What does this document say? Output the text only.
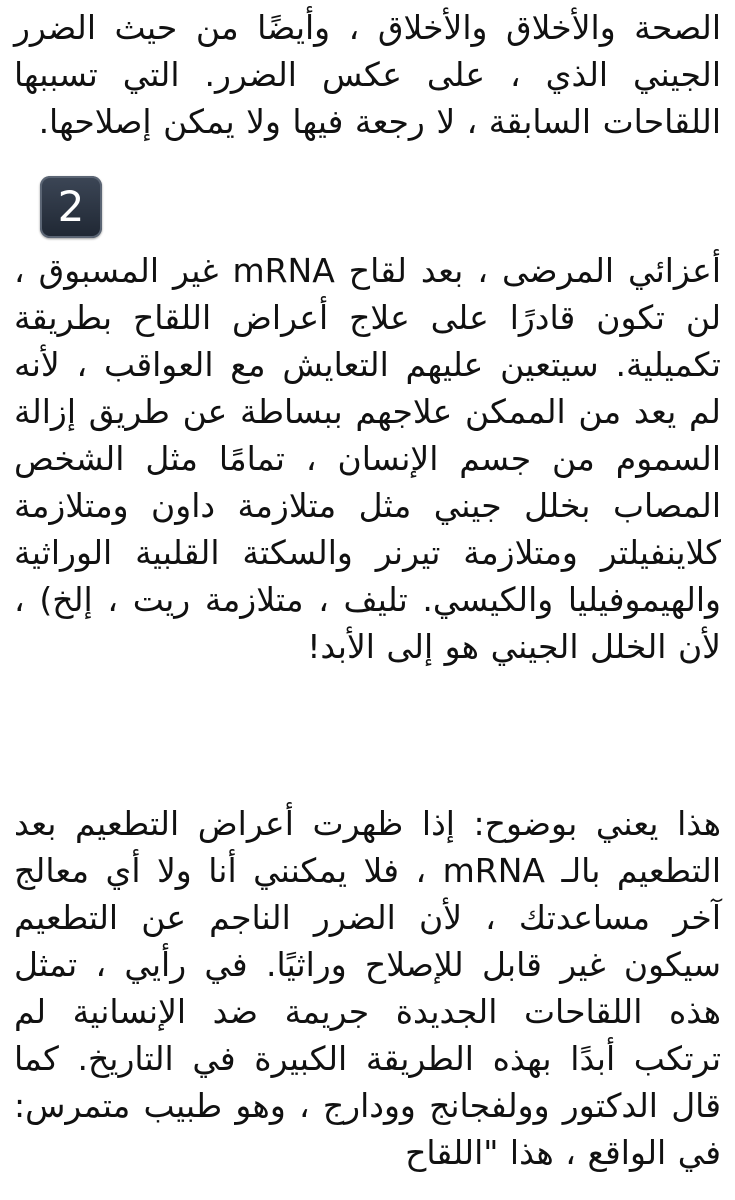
الصحة والأخلاق والأخلاق ، وأيضًا من حيث الضرر الجيني الذي ، على عكس الضرر. التي تسببها اللقاحات السابقة ، لا رجعة فيها ولا يمكن إصلاحها.

2

أعزائي المرضى ، بعد لقاح mRNA غير المسبوق ، لن تكون قادرًا على علاج أعراض اللقاح بطريقة تكميلية. سيتعين عليهم التعايش مع العواقب ، لأنه لم يعد من الممكن علاجهم ببساطة عن طريق إزالة السموم من جسم الإنسان ، تمامًا مثل الشخص المصاب بخلل جيني مثل متلازمة داون ومتلازمة كلاينفيلتر ومتلازمة تيرنر والسكتة القلبية الوراثية والهيموفيليا والكيسي. تليف ، متلازمة ريت ، إلخ) ، لأن الخلل الجيني هو إلى الأبد!

هذا يعني بوضوح: إذا ظهرت أعراض التطعيم بعد التطعيم بالـ mRNA ، فلا يمكنني أنا ولا أي معالج آخر مساعدتك ، لأن الضرر الناجم عن التطعيم سيكون غير قابل للإصلاح وراثيًا. في رأيي ، تمثل هذه اللقاحات الجديدة جريمة ضد الإنسانية لم ترتكب أبدًا بهذه الطريقة الكبيرة في التاريخ. كما قال الدكتور وولفجانج وودارج ، وهو طبيب متمرس: في الواقع ، هذا "اللقاح
